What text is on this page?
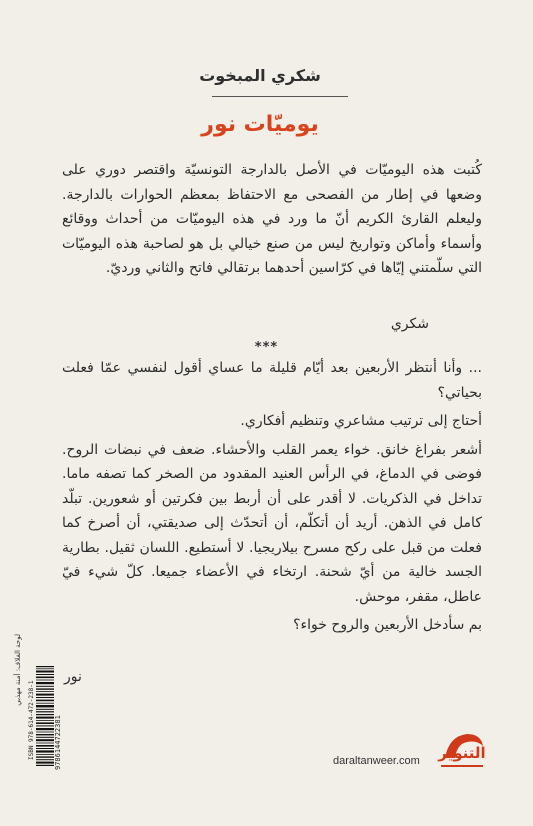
شكري المبخوت
يوميّات نور
كُتبت هذه اليوميّات في الأصل بالدارجة التونسيّة واقتصر دوري على وضعها في إطار من الفصحى مع الاحتفاظ بمعظم الحوارات بالدارجة. وليعلم القارئ الكريم أنّ ما ورد في هذه اليوميّات من أحداث ووقائع وأسماء وأماكن وتواريخ ليس من صنع خيالي بل هو لصاحبة هذه اليوميّات التي سلّمتني إيّاها في كرّاسين أحدهما برتقالي فاتح والثاني ورديّ.
شكري
***

... وأنا أنتظر الأربعين بعد أيّام قليلة ما عساي أقول لنفسي عمّا فعلت بحياتي؟

أحتاج إلى ترتيب مشاعري وتنظيم أفكاري.

أشعر بفراغ خانق. خواء يعمر القلب والأحشاء. ضعف في نبضات الروح. فوضى في الدماغ، في الرأس العنيد المقدود من الصخر كما تصفه ماما. تداخل في الذكريات. لا أقدر على أن أربط بين فكرتين أو شعورين. تبلّد كامل في الذهن. أريد أن أتكلّم، أن أتحدّث إلى صديقتي، أن أصرخ كما فعلت من قبل على ركح مسرح بيلاريجيا. لا أستطيع. اللسان ثقيل. بطارية الجسد خالية من أيّ شحنة. ارتخاء في الأعضاء جميعا. كلّ شيء فيّ عاطل، مقفر، موحش.

بم سأدخل الأربعين والروح خواء؟

نور
لوحة الغلاف: أمنة مهذبي
ISBN 978-614-472-238-1	9786144722381	daraltanweer.com	التنوير
